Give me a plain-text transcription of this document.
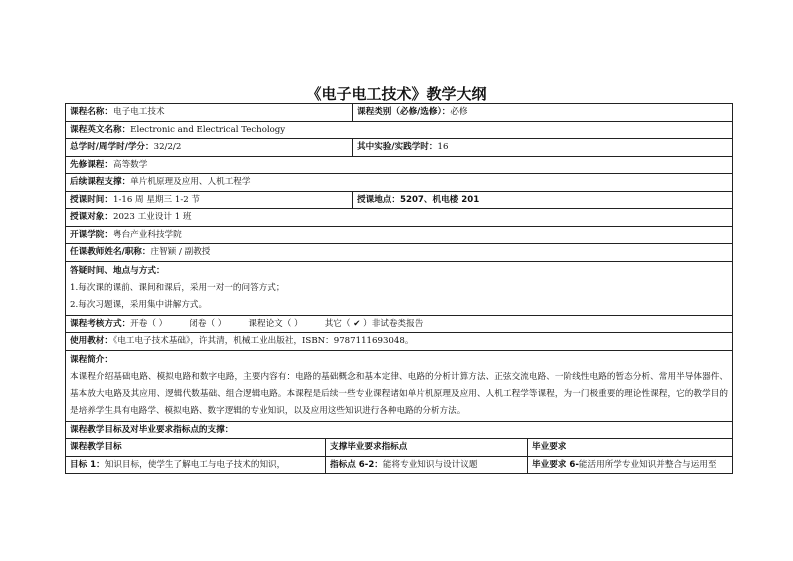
《电子电工技术》教学大纲
课程名称：电子电工技术		课程类别（必修/选修）：必修	
课程英文名称：Electronic and Electrical Techology			
总学时/周学时/学分：32/2/2		其中实验/实践学时：16	
先修课程：高等数学			
后续课程支撑：单片机原理及应用、人机工程学			
授课时间：1-16 周 星期三 1-2 节		授课地点：5207、机电楼 201	
授课对象：2023 工业设计 1 班			
开课学院：粤台产业科技学院			
任课教师姓名/职称：庄智颖 / 副教授			
答疑时间、地点与方式：
1.每次课的课前、课间和课后，采用一对一的问答方式；
2.每次习题课，采用集中讲解方式。			
课程考核方式：开卷（ ） 闭卷（ ） 课程论文（ ） 其它（ ✔ ）非试卷类报告			
使用教材：《电工电子技术基础》，许其清，机械工业出版社，ISBN：9787111693048。			
课程简介：
本课程介绍基础电路、模拟电路和数字电路，主要内容有：电路的基础概念和基本定律、电路的分析计算方法、正弦交流电路、一阶线性电路的暂态分析、常用半导体器件、基本放大电路及其应用、逻辑代数基础、组合逻辑电路。本课程是后续一些专业课程诸如单片机原理及应用、人机工程学等课程，为一门极重要的理论性课程，它的教学目的是培养学生具有电路学、模拟电路、数字逻辑的专业知识，以及应用这些知识进行各种电路的分析方法。			
课程教学目标及对毕业要求指标点的支撑：			
课程教学目标	支撑毕业要求指标点		毕业要求
目标 1：知识目标，使学生了解电工与电子技术的知识，	指标点 6-2：能将专业知识与设计议题		毕业要求 6-能活用所学专业知识并整合与运用至
